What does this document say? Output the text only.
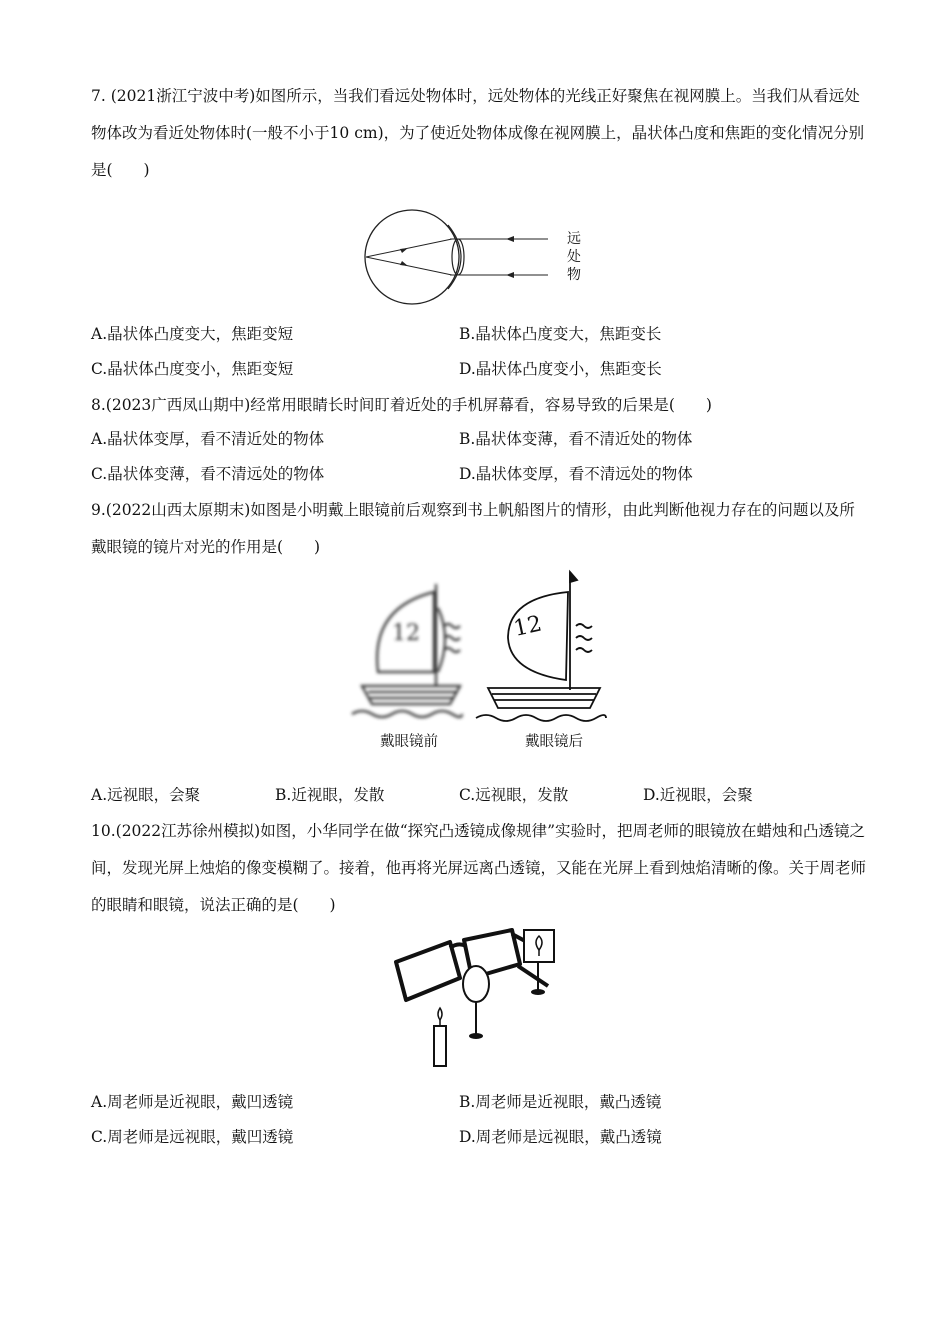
7. (2021浙江宁波中考)如图所示，当我们看远处物体时，远处物体的光线正好聚焦在视网膜上。当我们从看远处物体改为看近处物体时(一般不小于10 cm)，为了使近处物体成像在视网膜上，晶状体凸度和焦距的变化情况分别是(　　)
远处物
A.晶状体凸度变大，焦距变短	B.晶状体凸度变大，焦距变长
C.晶状体凸度变小，焦距变短	D.晶状体凸度变小，焦距变长
8.(2023广西凤山期中)经常用眼睛长时间盯着近处的手机屏幕看，容易导致的后果是(　　)
A.晶状体变厚，看不清近处的物体	B.晶状体变薄，看不清近处的物体
C.晶状体变薄，看不清远处的物体	D.晶状体变厚，看不清远处的物体
9.(2022山西太原期末)如图是小明戴上眼镜前后观察到书上帆船图片的情形，由此判断他视力存在的问题以及所戴眼镜的镜片对光的作用是(　　)
12	12
戴眼镜前	戴眼镜后
A.远视眼，会聚	B.近视眼，发散	C.远视眼，发散	D.近视眼，会聚
10.(2022江苏徐州模拟)如图，小华同学在做“探究凸透镜成像规律”实验时，把周老师的眼镜放在蜡烛和凸透镜之间，发现光屏上烛焰的像变模糊了。接着，他再将光屏远离凸透镜，又能在光屏上看到烛焰清晰的像。关于周老师的眼睛和眼镜，说法正确的是(　　)
A.周老师是近视眼，戴凹透镜	B.周老师是近视眼，戴凸透镜
C.周老师是远视眼，戴凹透镜	D.周老师是远视眼，戴凸透镜
